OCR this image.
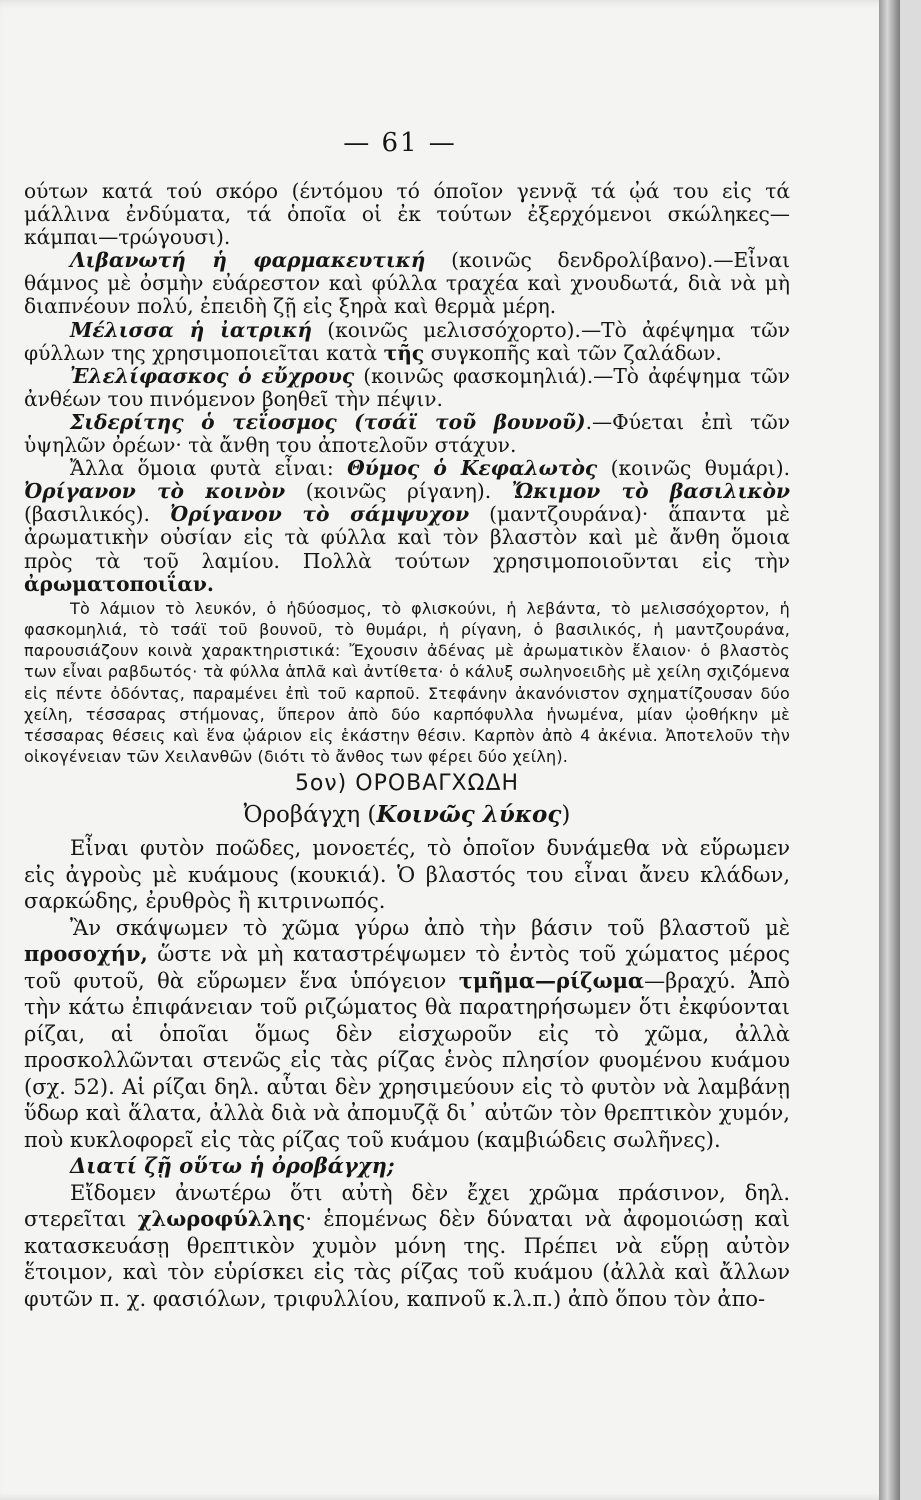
— 61 —

ούτων κατά τού σκόρο (έντόμου τό όποῖον γεννᾷ τά ᾠά του εἰς τά μάλλινα ἐνδύματα, τά ὁποῖα οἱ ἐκ τούτων ἐξερχόμενοι σκώληκες—κάμπαι—τρώγουσι).

Λιβανωτή ἡ φαρμακευτική (κοινῶς δενδρολίβανο).—Εἶναι θάμνος μὲ ὀσμὴν εὐάρεστον καὶ φύλλα τραχέα καὶ χνουδωτά, διὰ νὰ μὴ διαπνέουν πολύ, ἐπειδὴ ζῇ εἰς ξηρὰ καὶ θερμὰ μέρη.

Μέλισσα ἡ ἰατρική (κοινῶς μελισσόχορτο).—Τὸ ἀφέψημα τῶν φύλλων της χρησιμοποιεῖται κατὰ τῆς συγκοπῆς καὶ τῶν ζαλάδων.

Ἐλελίφασκος ὁ εὔχρους (κοινῶς φασκομηλιά).—Τὸ ἀφέψημα τῶν ἀνθέων του πινόμενον βοηθεῖ τὴν πέψιν.

Σιδερίτης ὁ τεΐοσμος (τσάϊ τοῦ βουνοῦ).—Φύεται ἐπὶ τῶν ὑψηλῶν ὀρέων· τὰ ἄνθη του ἀποτελοῦν στάχυν.

Ἄλλα ὅμοια φυτὰ εἶναι: Θύμος ὁ Κεφαλωτὸς (κοινῶς θυμάρι). Ὀρίγανον τὸ κοινὸν (κοινῶς ρίγανη). Ὤκιμον τὸ βασιλικὸν (βασιλικός). Ὀρίγανον τὸ σάμψυχον (μαντζουράνα)· ἅπαντα μὲ ἀρωματικὴν οὐσίαν εἰς τὰ φύλλα καὶ τὸν βλαστὸν καὶ μὲ ἄνθη ὅμοια πρὸς τὰ τοῦ λαμίου. Πολλὰ τούτων χρησιμοποιοῦνται εἰς τὴν ἀρωματοποιΐαν.

Τὸ λάμιον τὸ λευκόν, ὁ ἡδύοσμος, τὸ φλισκούνι, ἡ λεβάντα, τὸ μελισσόχορτον, ἡ φασκομηλιά, τὸ τσάϊ τοῦ βουνοῦ, τὸ θυμάρι, ἡ ρίγανη, ὁ βασιλικός, ἡ μαντζουράνα, παρουσιάζουν κοινὰ χαρακτηριστικά: Ἔχουσιν ἀδένας μὲ ἀρωματικὸν ἔλαιον· ὁ βλαστὸς των εἶναι ραβδωτός· τὰ φύλλα ἁπλᾶ καὶ ἀντίθετα· ὁ κάλυξ σωληνοειδὴς μὲ χείλη σχιζόμενα εἰς πέντε ὀδόντας, παραμένει ἐπὶ τοῦ καρποῦ. Στεφάνην ἀκανόνιστον σχηματίζουσαν δύο χείλη, τέσσαρας στήμονας, ὕπερον ἀπὸ δύο καρπόφυλλα ἡνωμένα, μίαν ᾠοθήκην μὲ τέσσαρας θέσεις καὶ ἕνα ᾠάριον εἰς ἑκάστην θέσιν. Καρπὸν ἀπὸ 4 ἀκένια. Ἀποτελοῦν τὴν οἰκογένειαν τῶν Χειλανθῶν (διότι τὸ ἄνθος των φέρει δύο χείλη).

5ον) ΟΡΟΒΑΓΧΩΔΗ
Ὀροβάγχη (Κοινῶς λύκος)

Εἶναι φυτὸν ποῶδες, μονοετές, τὸ ὁποῖον δυνάμεθα νὰ εὕρωμεν εἰς ἀγροὺς μὲ κυάμους (κουκιά). Ὁ βλαστός του εἶναι ἄνευ κλάδων, σαρκώδης, ἐρυθρὸς ἢ κιτρινωπός.

Ἂν σκάψωμεν τὸ χῶμα γύρω ἀπὸ τὴν βάσιν τοῦ βλαστοῦ μὲ προσοχήν, ὥστε νὰ μὴ καταστρέψωμεν τὸ ἐντὸς τοῦ χώματος μέρος τοῦ φυτοῦ, θὰ εὕρωμεν ἕνα ὑπόγειον τμῆμα—ρίζωμα—βραχύ. Ἀπὸ τὴν κάτω ἐπιφάνειαν τοῦ ριζώματος θὰ παρατηρήσωμεν ὅτι ἐκφύονται ρίζαι, αἱ ὁποῖαι ὅμως δὲν εἰσχωροῦν εἰς τὸ χῶμα, ἀλλὰ προσκολλῶνται στενῶς εἰς τὰς ρίζας ἑνὸς πλησίον φυομένου κυάμου (σχ. 52). Αἱ ρίζαι δηλ. αὗται δὲν χρησιμεύουν εἰς τὸ φυτὸν νὰ λαμβάνῃ ὕδωρ καὶ ἅλατα, ἀλλὰ διὰ νὰ ἀπομυζᾷ δι᾽ αὐτῶν τὸν θρεπτικὸν χυμόν, ποὺ κυκλοφορεῖ εἰς τὰς ρίζας τοῦ κυάμου (καμβιώδεις σωλῆνες).

Διατί ζῇ οὕτω ἡ ὀροβάγχη;

Εἴδομεν ἀνωτέρω ὅτι αὐτὴ δὲν ἔχει χρῶμα πράσινον, δηλ. στερεῖται χλωροφύλλης· ἑπομένως δὲν δύναται νὰ ἀφομοιώσῃ καὶ κατασκευάσῃ θρεπτικὸν χυμὸν μόνη της. Πρέπει νὰ εὕρῃ αὐτὸν ἕτοιμον, καὶ τὸν εὑρίσκει εἰς τὰς ρίζας τοῦ κυάμου (ἀλλὰ καὶ ἄλλων φυτῶν π. χ. φασιόλων, τριφυλλίου, καπνοῦ κ.λ.π.) ἀπὸ ὅπου τὸν ἀπο-
